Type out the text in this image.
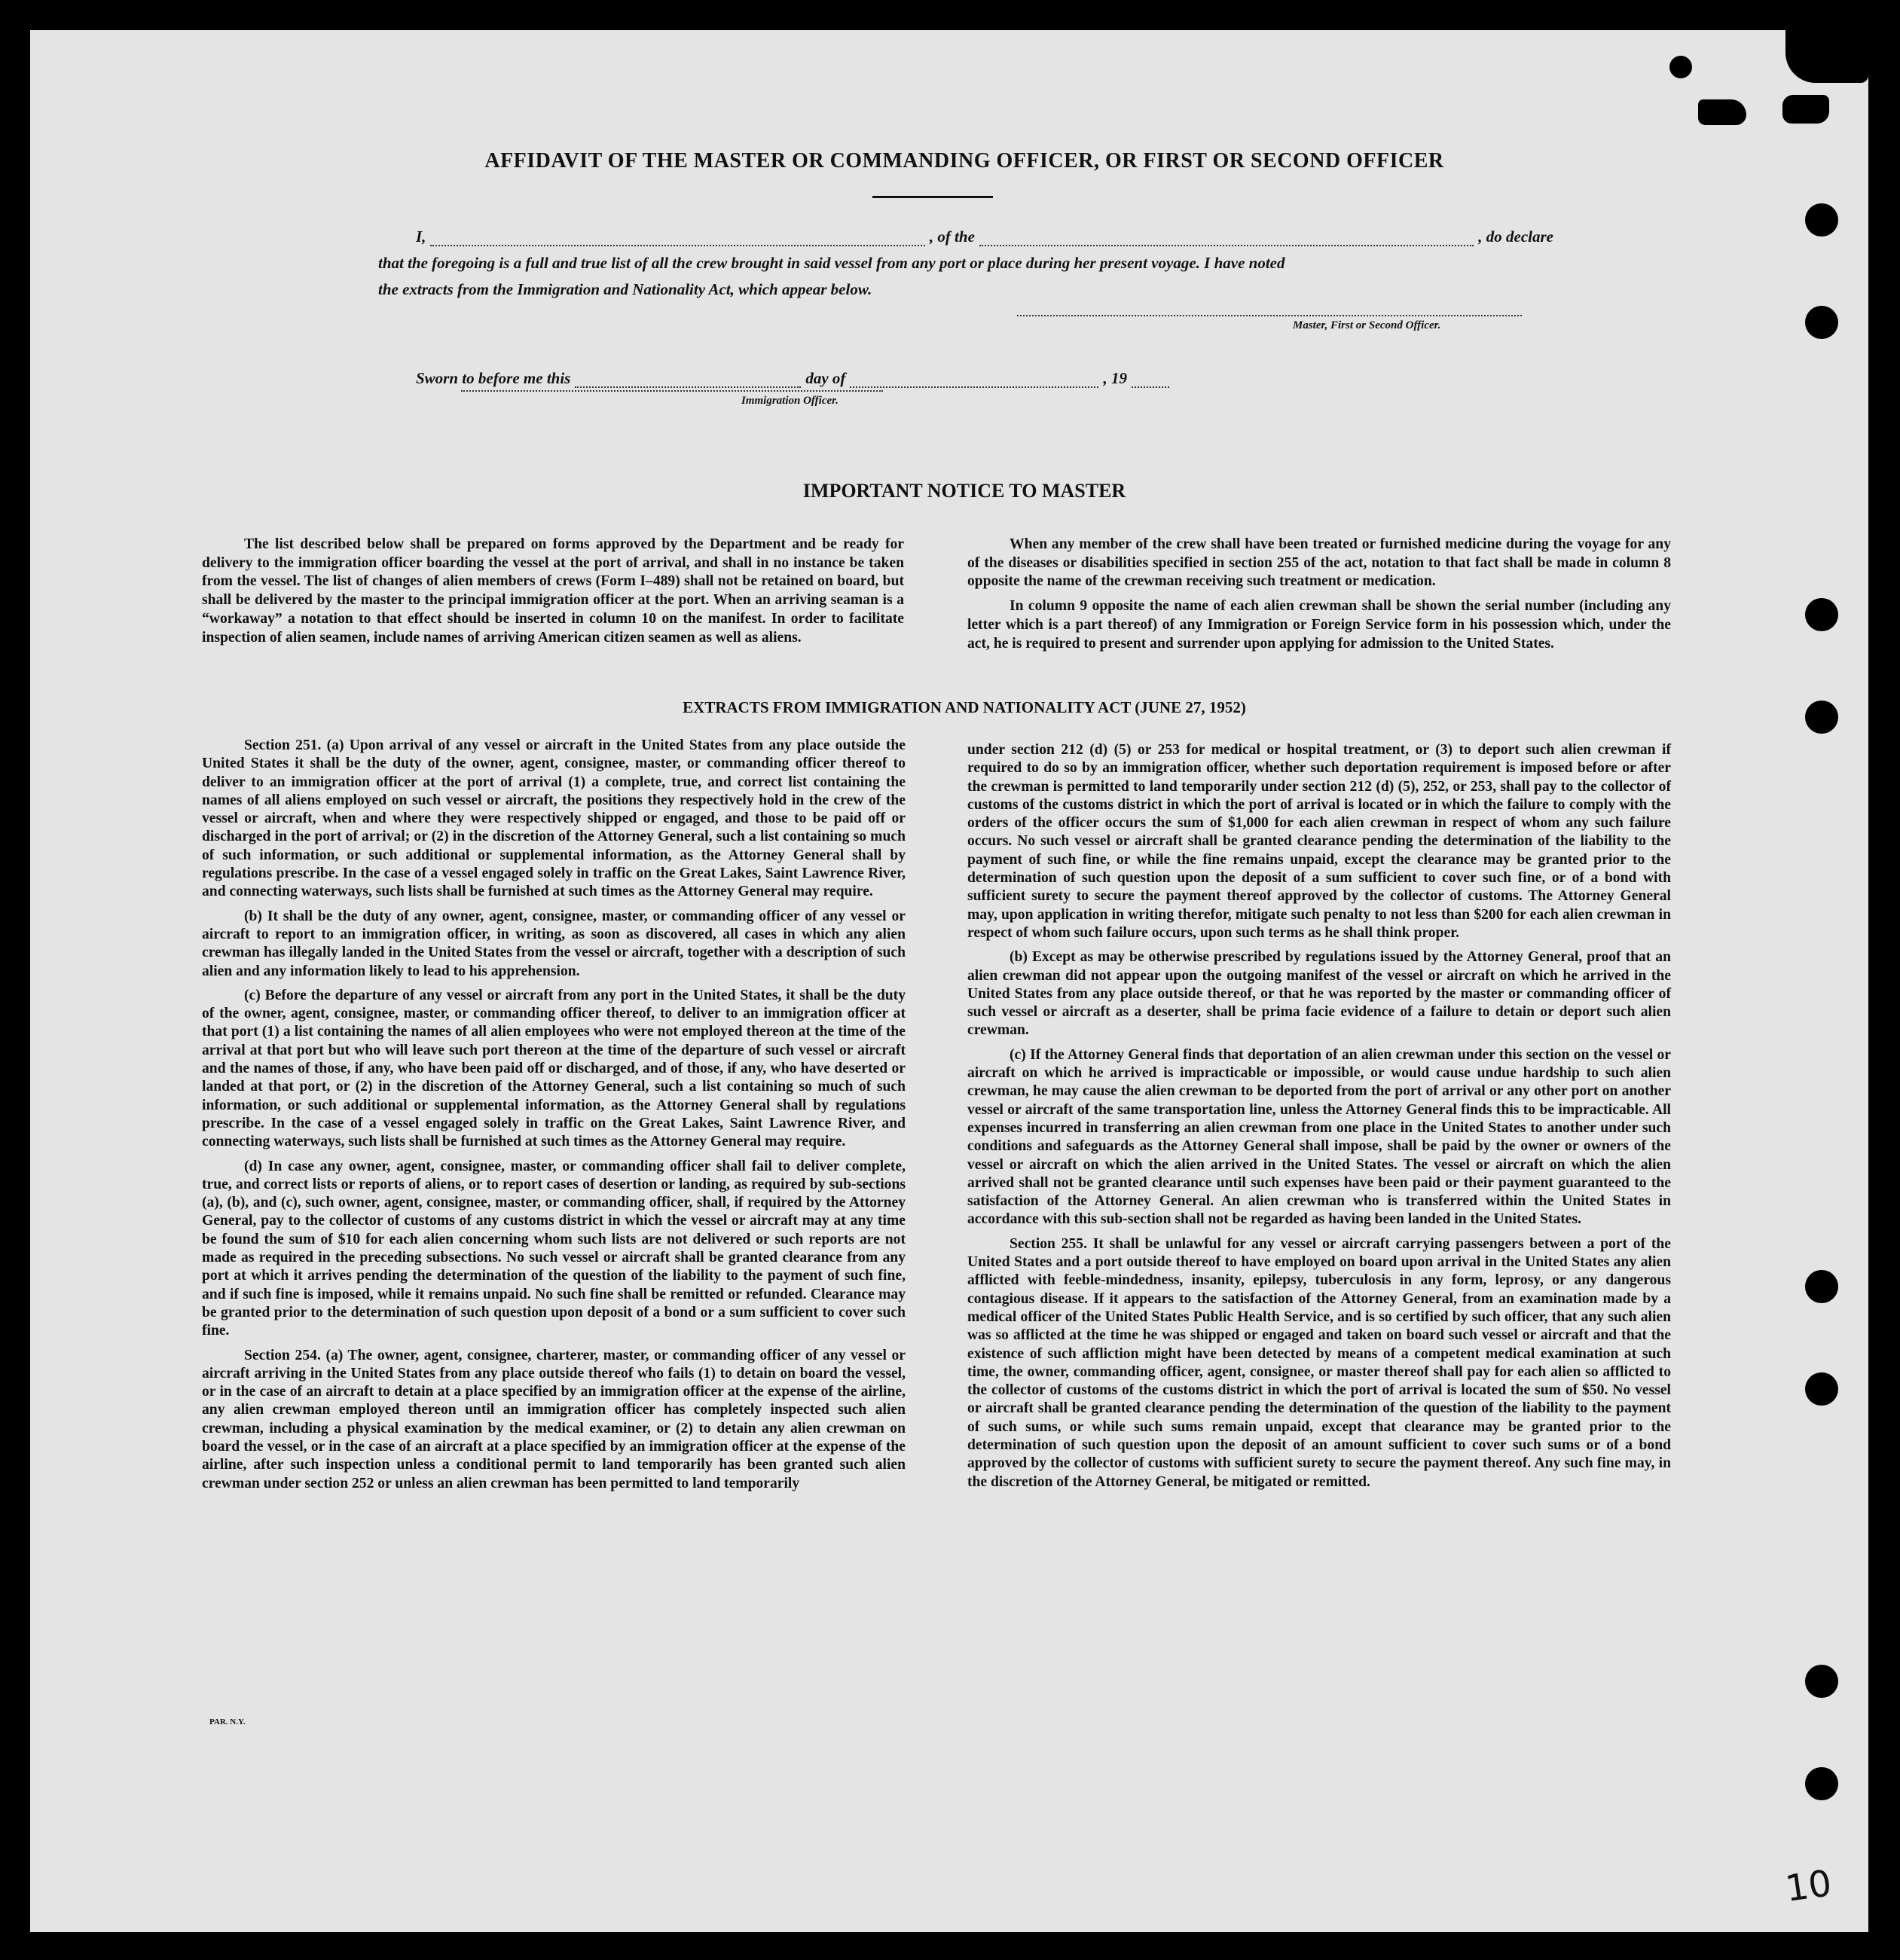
AFFIDAVIT OF THE MASTER OR COMMANDING OFFICER, OR FIRST OR SECOND OFFICER
I,	, of the	, do declare
that the foregoing is a full and true list of all the crew brought in said vessel from any port or place during her present voyage. I have noted
the extracts from the Immigration and Nationality Act, which appear below.
Master, First or Second Officer.
Sworn to before me this	day of	, 19
Immigration Officer.
IMPORTANT NOTICE TO MASTER

The list described below shall be prepared on forms approved by the Department and be ready for delivery to the immigration officer boarding the vessel at the port of arrival, and shall in no instance be taken from the vessel. The list of changes of alien members of crews (Form I–489) shall not be retained on board, but shall be delivered by the master to the principal immigration officer at the port. When an arriving seaman is a “workaway” a notation to that effect should be inserted in column 10 on the manifest. In order to facilitate inspection of alien seamen, include names of arriving American citizen seamen as well as aliens.

When any member of the crew shall have been treated or furnished medicine during the voyage for any of the diseases or disabilities specified in section 255 of the act, notation to that fact shall be made in column 8 opposite the name of the crewman receiving such treatment or medication.

In column 9 opposite the name of each alien crewman shall be shown the serial number (including any letter which is a part thereof) of any Immigration or Foreign Service form in his possession which, under the act, he is required to present and surrender upon applying for admission to the United States.

EXTRACTS FROM IMMIGRATION AND NATIONALITY ACT (JUNE 27, 1952)

Section 251. (a) Upon arrival of any vessel or aircraft in the United States from any place outside the United States it shall be the duty of the owner, agent, consignee, master, or commanding officer thereof to deliver to an immigration officer at the port of arrival (1) a complete, true, and correct list containing the names of all aliens employed on such vessel or aircraft, the positions they respectively hold in the crew of the vessel or aircraft, when and where they were respectively shipped or engaged, and those to be paid off or discharged in the port of arrival; or (2) in the discretion of the Attorney General, such a list containing so much of such information, or such additional or supplemental information, as the Attorney General shall by regulations prescribe. In the case of a vessel engaged solely in traffic on the Great Lakes, Saint Lawrence River, and connecting waterways, such lists shall be furnished at such times as the Attorney General may require.

(b) It shall be the duty of any owner, agent, consignee, master, or commanding officer of any vessel or aircraft to report to an immigration officer, in writing, as soon as discovered, all cases in which any alien crewman has illegally landed in the United States from the vessel or aircraft, together with a description of such alien and any information likely to lead to his apprehension.

(c) Before the departure of any vessel or aircraft from any port in the United States, it shall be the duty of the owner, agent, consignee, master, or commanding officer thereof, to deliver to an immigration officer at that port (1) a list containing the names of all alien employees who were not employed thereon at the time of the arrival at that port but who will leave such port thereon at the time of the departure of such vessel or aircraft and the names of those, if any, who have been paid off or discharged, and of those, if any, who have deserted or landed at that port, or (2) in the discretion of the Attorney General, such a list containing so much of such information, or such additional or supplemental information, as the Attorney General shall by regulations prescribe. In the case of a vessel engaged solely in traffic on the Great Lakes, Saint Lawrence River, and connecting waterways, such lists shall be furnished at such times as the Attorney General may require.

(d) In case any owner, agent, consignee, master, or commanding officer shall fail to deliver complete, true, and correct lists or reports of aliens, or to report cases of desertion or landing, as required by sub-sections (a), (b), and (c), such owner, agent, consignee, master, or commanding officer, shall, if required by the Attorney General, pay to the collector of customs of any customs district in which the vessel or aircraft may at any time be found the sum of $10 for each alien concerning whom such lists are not delivered or such reports are not made as required in the preceding subsections. No such vessel or aircraft shall be granted clearance from any port at which it arrives pending the determination of the question of the liability to the payment of such fine, and if such fine is imposed, while it remains unpaid. No such fine shall be remitted or refunded. Clearance may be granted prior to the determination of such question upon deposit of a bond or a sum sufficient to cover such fine.

Section 254. (a) The owner, agent, consignee, charterer, master, or commanding officer of any vessel or aircraft arriving in the United States from any place outside thereof who fails (1) to detain on board the vessel, or in the case of an aircraft to detain at a place specified by an immigration officer at the expense of the airline, any alien crewman employed thereon until an immigration officer has completely inspected such alien crewman, including a physical examination by the medical examiner, or (2) to detain any alien crewman on board the vessel, or in the case of an aircraft at a place specified by an immigration officer at the expense of the airline, after such inspection unless a conditional permit to land temporarily has been granted such alien crewman under section 252 or unless an alien crewman has been permitted to land temporarily

under section 212 (d) (5) or 253 for medical or hospital treatment, or (3) to deport such alien crewman if required to do so by an immigration officer, whether such deportation requirement is imposed before or after the crewman is permitted to land temporarily under section 212 (d) (5), 252, or 253, shall pay to the collector of customs of the customs district in which the port of arrival is located or in which the failure to comply with the orders of the officer occurs the sum of $1,000 for each alien crewman in respect of whom any such failure occurs. No such vessel or aircraft shall be granted clearance pending the determination of the liability to the payment of such fine, or while the fine remains unpaid, except the clearance may be granted prior to the determination of such question upon the deposit of a sum sufficient to cover such fine, or of a bond with sufficient surety to secure the payment thereof approved by the collector of customs. The Attorney General may, upon application in writing therefor, mitigate such penalty to not less than $200 for each alien crewman in respect of whom such failure occurs, upon such terms as he shall think proper.

(b) Except as may be otherwise prescribed by regulations issued by the Attorney General, proof that an alien crewman did not appear upon the outgoing manifest of the vessel or aircraft on which he arrived in the United States from any place outside thereof, or that he was reported by the master or commanding officer of such vessel or aircraft as a deserter, shall be prima facie evidence of a failure to detain or deport such alien crewman.

(c) If the Attorney General finds that deportation of an alien crewman under this section on the vessel or aircraft on which he arrived is impracticable or impossible, or would cause undue hardship to such alien crewman, he may cause the alien crewman to be deported from the port of arrival or any other port on another vessel or aircraft of the same transportation line, unless the Attorney General finds this to be impracticable. All expenses incurred in transferring an alien crewman from one place in the United States to another under such conditions and safeguards as the Attorney General shall impose, shall be paid by the owner or owners of the vessel or aircraft on which the alien arrived in the United States. The vessel or aircraft on which the alien arrived shall not be granted clearance until such expenses have been paid or their payment guaranteed to the satisfaction of the Attorney General. An alien crewman who is transferred within the United States in accordance with this sub-section shall not be regarded as having been landed in the United States.

Section 255. It shall be unlawful for any vessel or aircraft carrying passengers between a port of the United States and a port outside thereof to have employed on board upon arrival in the United States any alien afflicted with feeble-mindedness, insanity, epilepsy, tuberculosis in any form, leprosy, or any dangerous contagious disease. If it appears to the satisfaction of the Attorney General, from an examination made by a medical officer of the United States Public Health Service, and is so certified by such officer, that any such alien was so afflicted at the time he was shipped or engaged and taken on board such vessel or aircraft and that the existence of such affliction might have been detected by means of a competent medical examination at such time, the owner, commanding officer, agent, consignee, or master thereof shall pay for each alien so afflicted to the collector of customs of the customs district in which the port of arrival is located the sum of $50. No vessel or aircraft shall be granted clearance pending the determination of the question of the liability to the payment of such sums, or while such sums remain unpaid, except that clearance may be granted prior to the determination of such question upon the deposit of an amount sufficient to cover such sums or of a bond approved by the collector of customs with sufficient surety to secure the payment thereof. Any such fine may, in the discretion of the Attorney General, be mitigated or remitted.

PAR. N.Y.
10
